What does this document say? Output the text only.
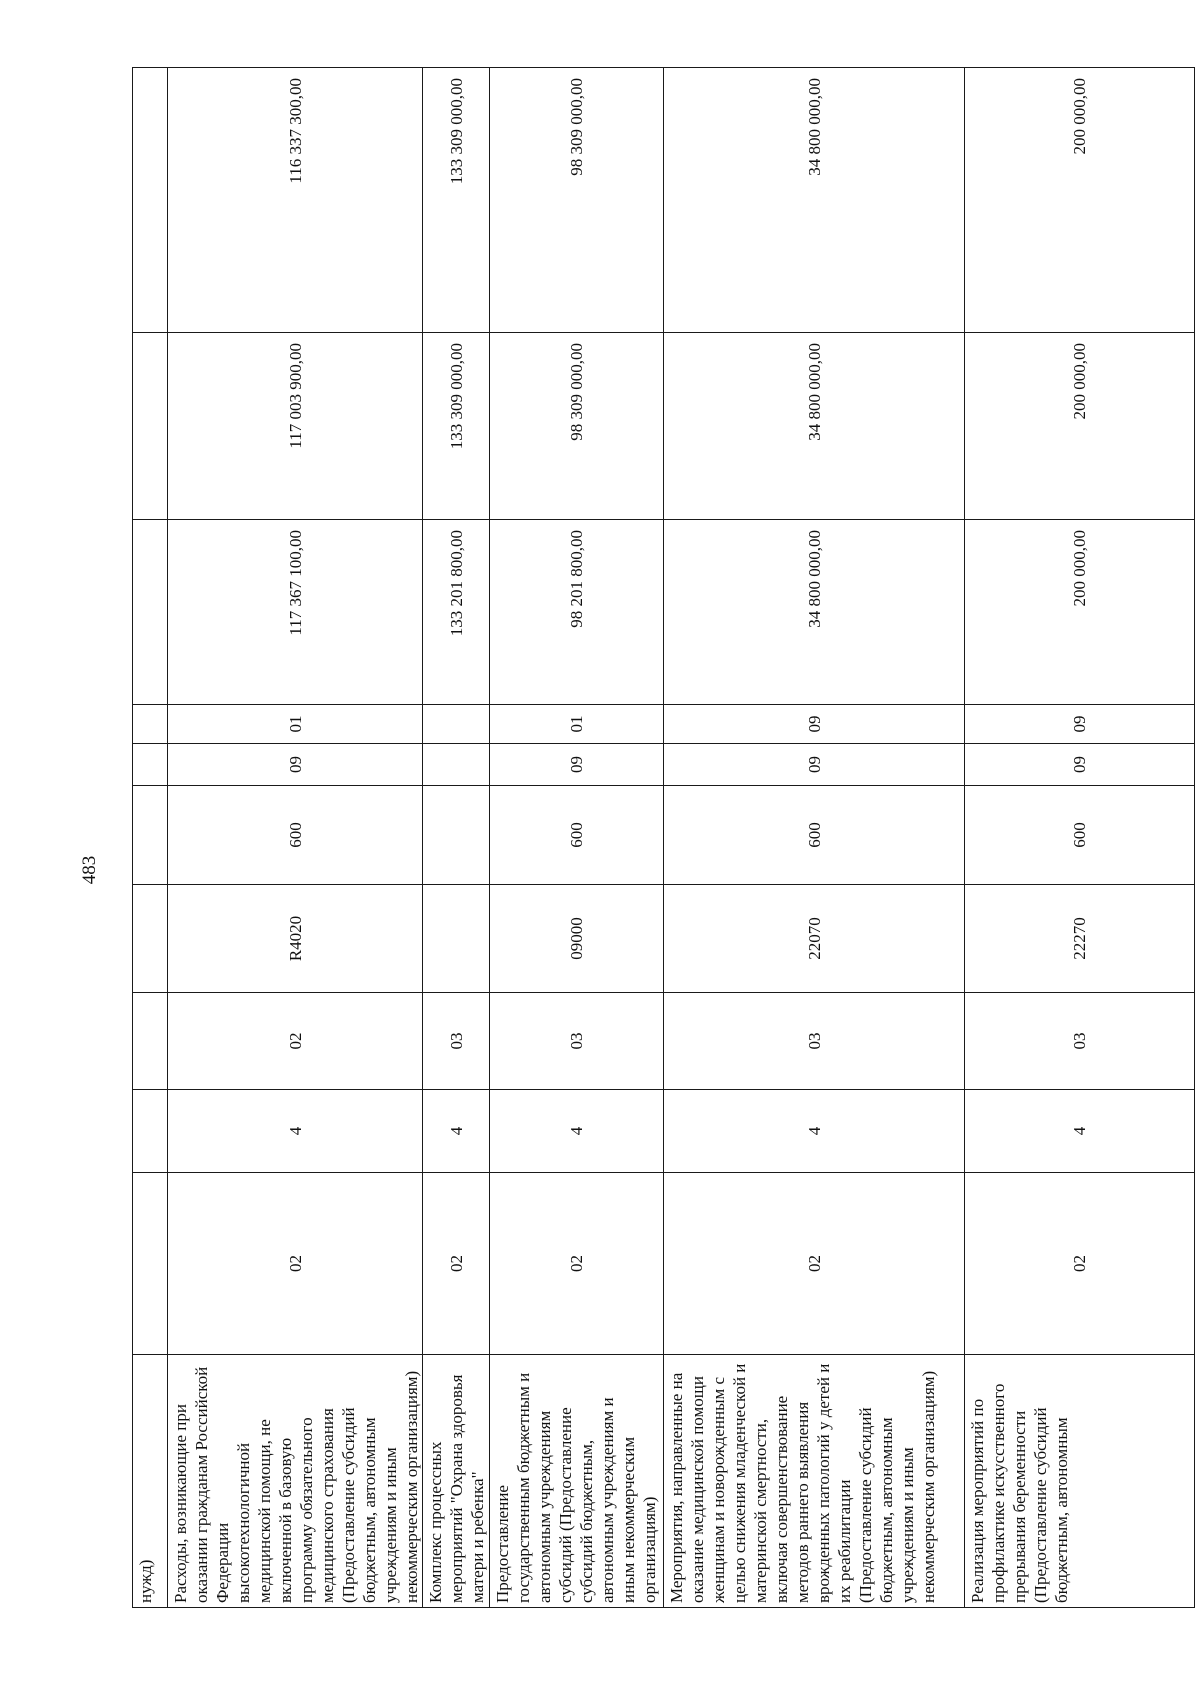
483
нужд)										
Расходы, возникающие при оказании гражданам Российской Федерации высокотехнологичной медицинской помощи, не включенной в базовую программу обязательного медицинского страхования (Предоставление субсидий бюджетным, автономным учреждениям и иным некоммерческим организациям)	02	4	02	R4020	600	09	01	117 367 100,00	117 003 900,00	116 337 300,00
Комплекс процессных мероприятий "Охрана здоровья матери и ребенка"	02	4	03					133 201 800,00	133 309 000,00	133 309 000,00
Предоставление государственным бюджетным и автономным учреждениям субсидий (Предоставление субсидий бюджетным, автономным учреждениям и иным некоммерческим организациям)	02	4	03	09000	600	09	01	98 201 800,00	98 309 000,00	98 309 000,00
Мероприятия, направленные на оказание медицинской помощи женщинам и новорожденным с целью снижения младенческой и материнской смертности, включая совершенствование методов раннего выявления врожденных патологий у детей и их реабилитации (Предоставление субсидий бюджетным, автономным учреждениям и иным некоммерческим организациям)	02	4	03	22070	600	09	09	34 800 000,00	34 800 000,00	34 800 000,00
Реализация мероприятий по профилактике искусственного прерывания беременности (Предоставление субсидий бюджетным, автономным	02	4	03	22270	600	09	09	200 000,00	200 000,00	200 000,00
